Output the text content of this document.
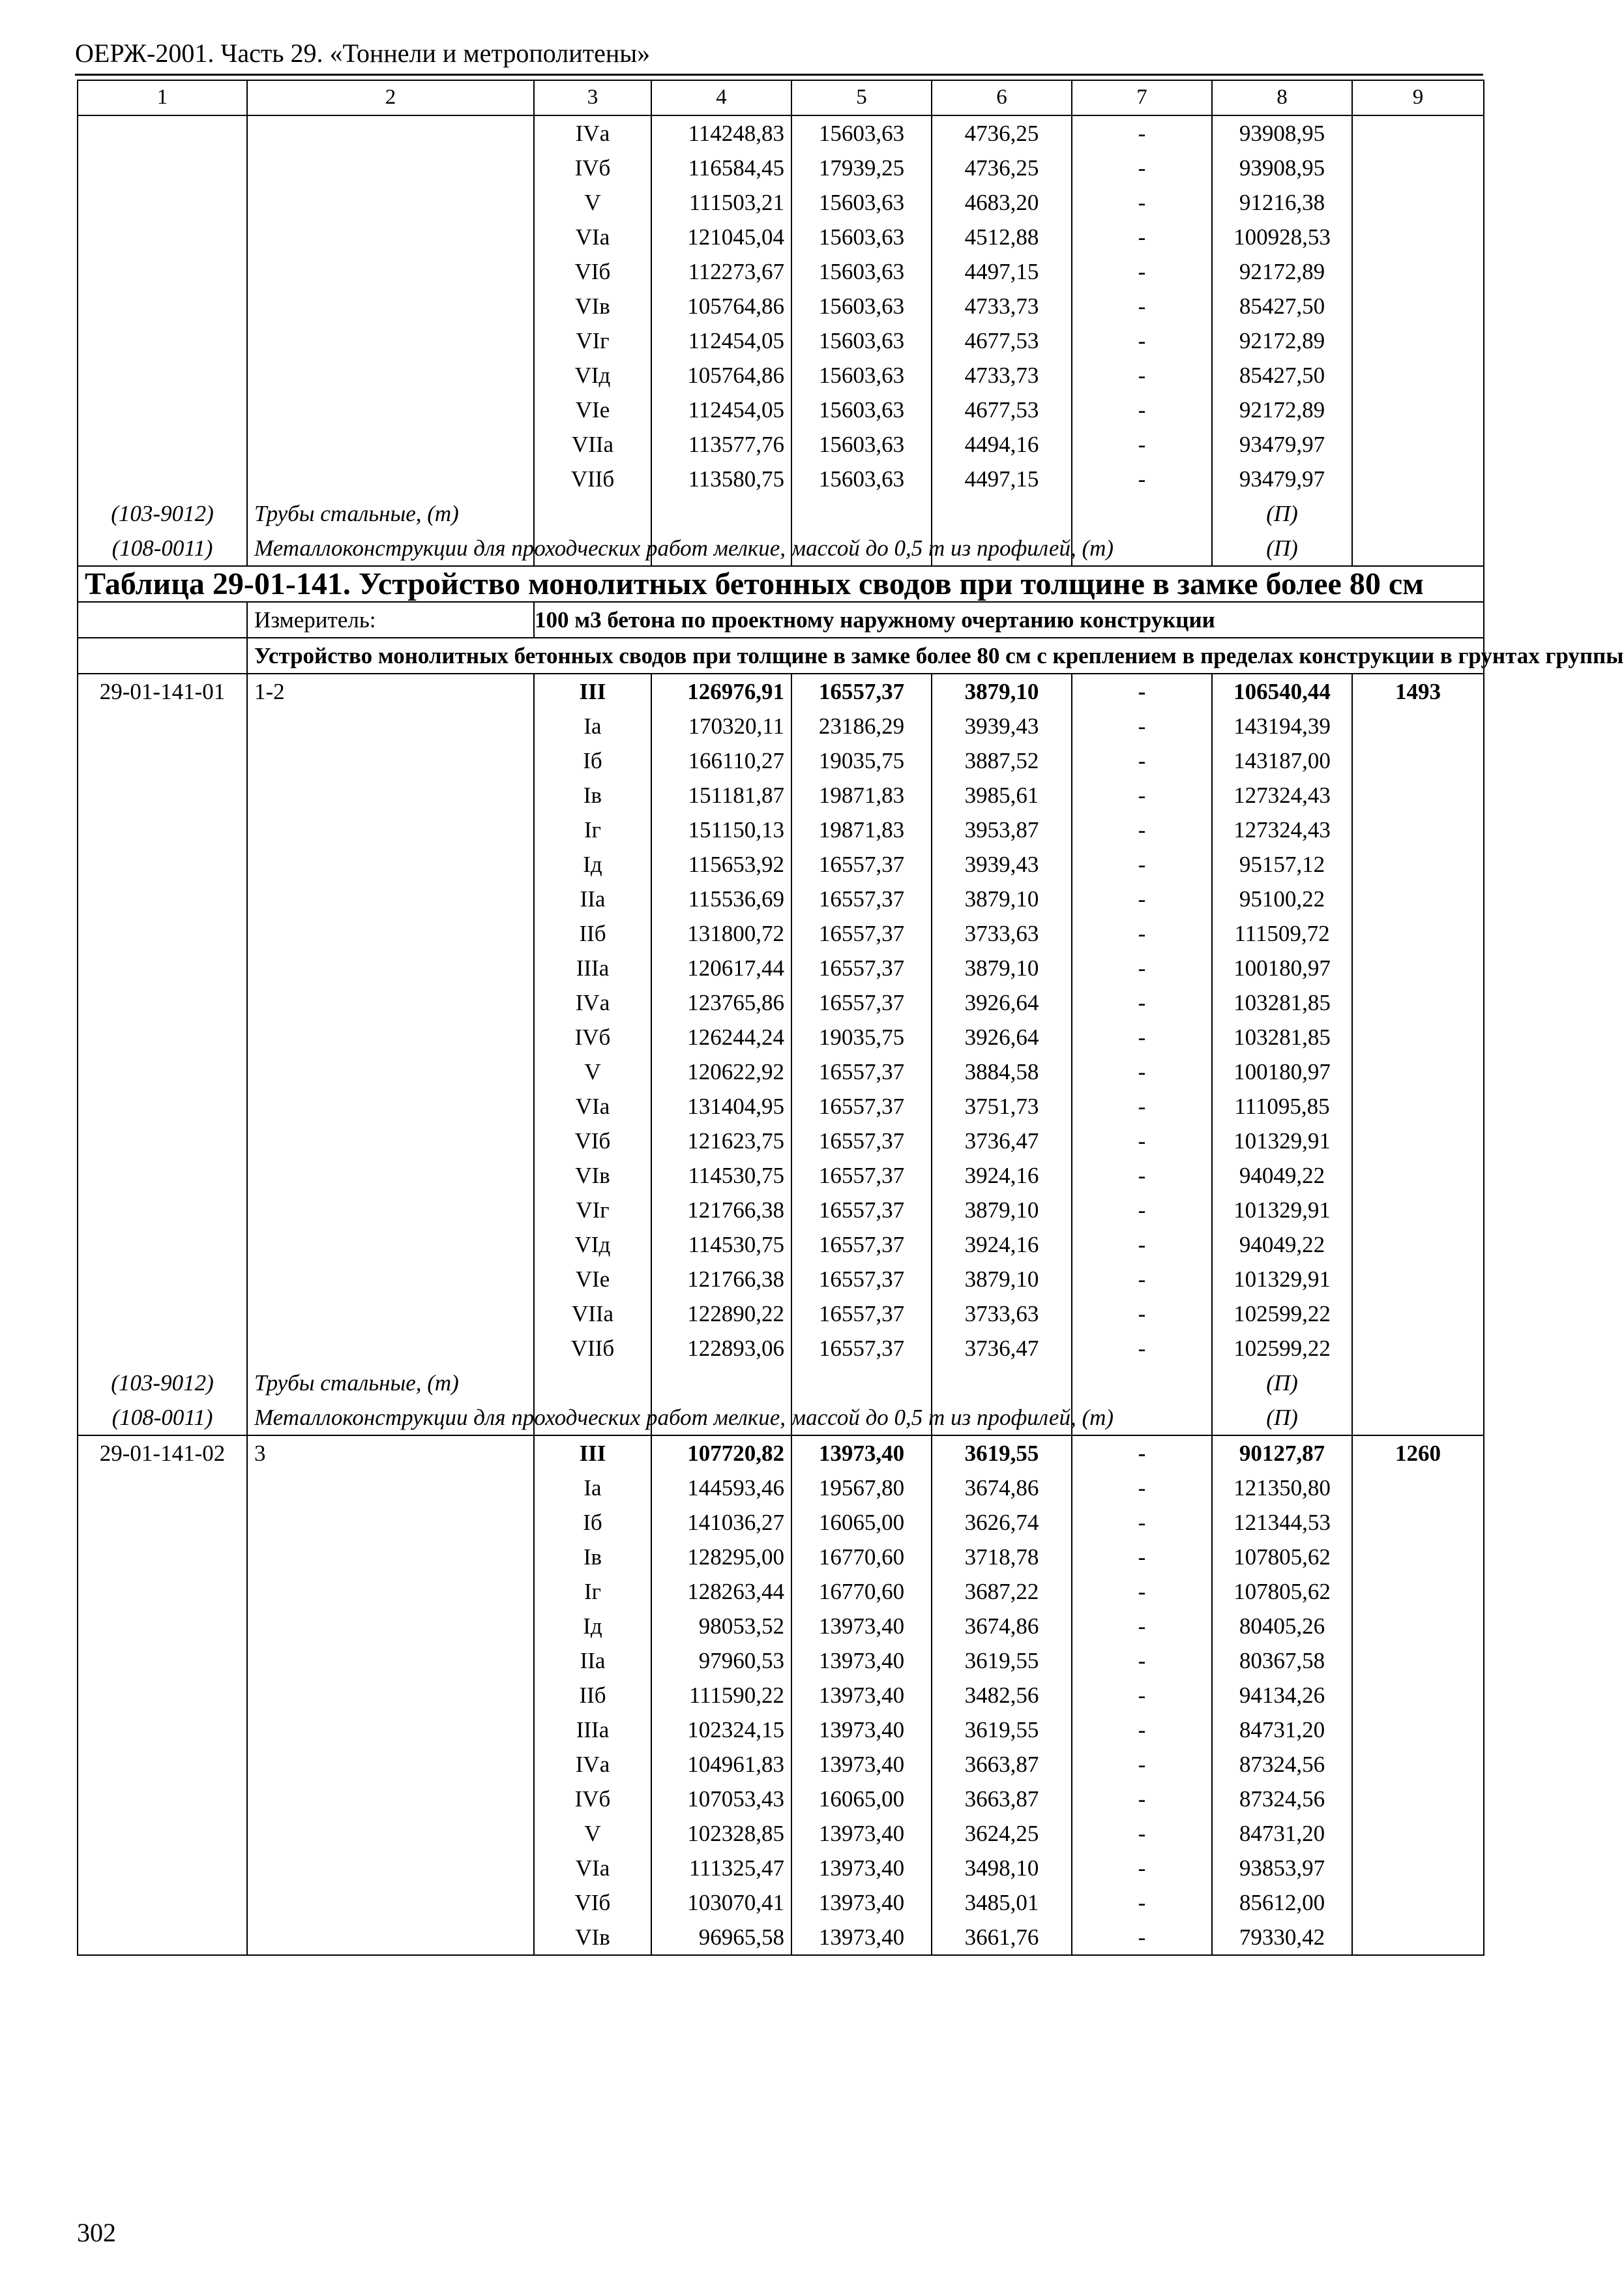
ОЕРЖ-2001. Часть 29. «Тоннели и метрополитены»
1	2	3	4	5	6	7	8	9
		IVа	114248,83	15603,63	4736,25	-	93908,95	
		IVб	116584,45	17939,25	4736,25	-	93908,95	
		V	111503,21	15603,63	4683,20	-	91216,38	
		VIа	121045,04	15603,63	4512,88	-	100928,53	
		VIб	112273,67	15603,63	4497,15	-	92172,89	
		VIв	105764,86	15603,63	4733,73	-	85427,50	
		VIг	112454,05	15603,63	4677,53	-	92172,89	
		VIд	105764,86	15603,63	4733,73	-	85427,50	
		VIе	112454,05	15603,63	4677,53	-	92172,89	
		VIIа	113577,76	15603,63	4494,16	-	93479,97	
		VIIб	113580,75	15603,63	4497,15	-	93479,97	
(103-9012)	Трубы стальные, (т)						(П)	
(108-0011)	Металлоконструкции для проходческих работ мелкие, массой до 0,5 т из профилей, (т)						(П)	
Таблица 29-01-141. Устройство монолитных бетонных сводов при толщине в замке более 80 см								
	Измеритель:	100 м3 бетона по проектному наружному очертанию конструкции						
	Устройство монолитных бетонных сводов при толщине в замке более 80 см с креплением в пределах конструкции в грунтах группы							
29-01-141-01	1-2	III	126976,91	16557,37	3879,10	-	106540,44	1493
		Iа	170320,11	23186,29	3939,43	-	143194,39	
		Iб	166110,27	19035,75	3887,52	-	143187,00	
		Iв	151181,87	19871,83	3985,61	-	127324,43	
		Iг	151150,13	19871,83	3953,87	-	127324,43	
		Iд	115653,92	16557,37	3939,43	-	95157,12	
		IIа	115536,69	16557,37	3879,10	-	95100,22	
		IIб	131800,72	16557,37	3733,63	-	111509,72	
		IIIа	120617,44	16557,37	3879,10	-	100180,97	
		IVа	123765,86	16557,37	3926,64	-	103281,85	
		IVб	126244,24	19035,75	3926,64	-	103281,85	
		V	120622,92	16557,37	3884,58	-	100180,97	
		VIа	131404,95	16557,37	3751,73	-	111095,85	
		VIб	121623,75	16557,37	3736,47	-	101329,91	
		VIв	114530,75	16557,37	3924,16	-	94049,22	
		VIг	121766,38	16557,37	3879,10	-	101329,91	
		VIд	114530,75	16557,37	3924,16	-	94049,22	
		VIе	121766,38	16557,37	3879,10	-	101329,91	
		VIIа	122890,22	16557,37	3733,63	-	102599,22	
		VIIб	122893,06	16557,37	3736,47	-	102599,22	
(103-9012)	Трубы стальные, (т)						(П)	
(108-0011)	Металлоконструкции для проходческих работ мелкие, массой до 0,5 т из профилей, (т)						(П)	
29-01-141-02	3	III	107720,82	13973,40	3619,55	-	90127,87	1260
		Iа	144593,46	19567,80	3674,86	-	121350,80	
		Iб	141036,27	16065,00	3626,74	-	121344,53	
		Iв	128295,00	16770,60	3718,78	-	107805,62	
		Iг	128263,44	16770,60	3687,22	-	107805,62	
		Iд	98053,52	13973,40	3674,86	-	80405,26	
		IIа	97960,53	13973,40	3619,55	-	80367,58	
		IIб	111590,22	13973,40	3482,56	-	94134,26	
		IIIа	102324,15	13973,40	3619,55	-	84731,20	
		IVа	104961,83	13973,40	3663,87	-	87324,56	
		IVб	107053,43	16065,00	3663,87	-	87324,56	
		V	102328,85	13973,40	3624,25	-	84731,20	
		VIа	111325,47	13973,40	3498,10	-	93853,97	
		VIб	103070,41	13973,40	3485,01	-	85612,00	
		VIв	96965,58	13973,40	3661,76	-	79330,42	
302
